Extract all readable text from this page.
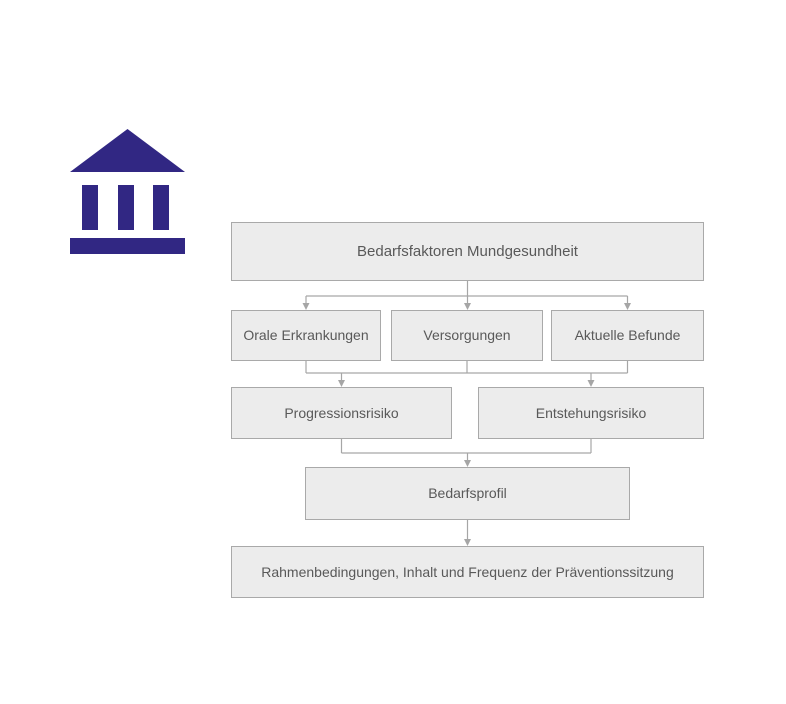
Bedarfsfaktoren Mundgesundheit
Orale Erkrankungen	Versorgungen	Aktuelle Befunde
Progressionsrisiko	Entstehungsrisiko
Bedarfsprofil
Rahmenbedingungen, Inhalt und Frequenz der Präventionssitzung
